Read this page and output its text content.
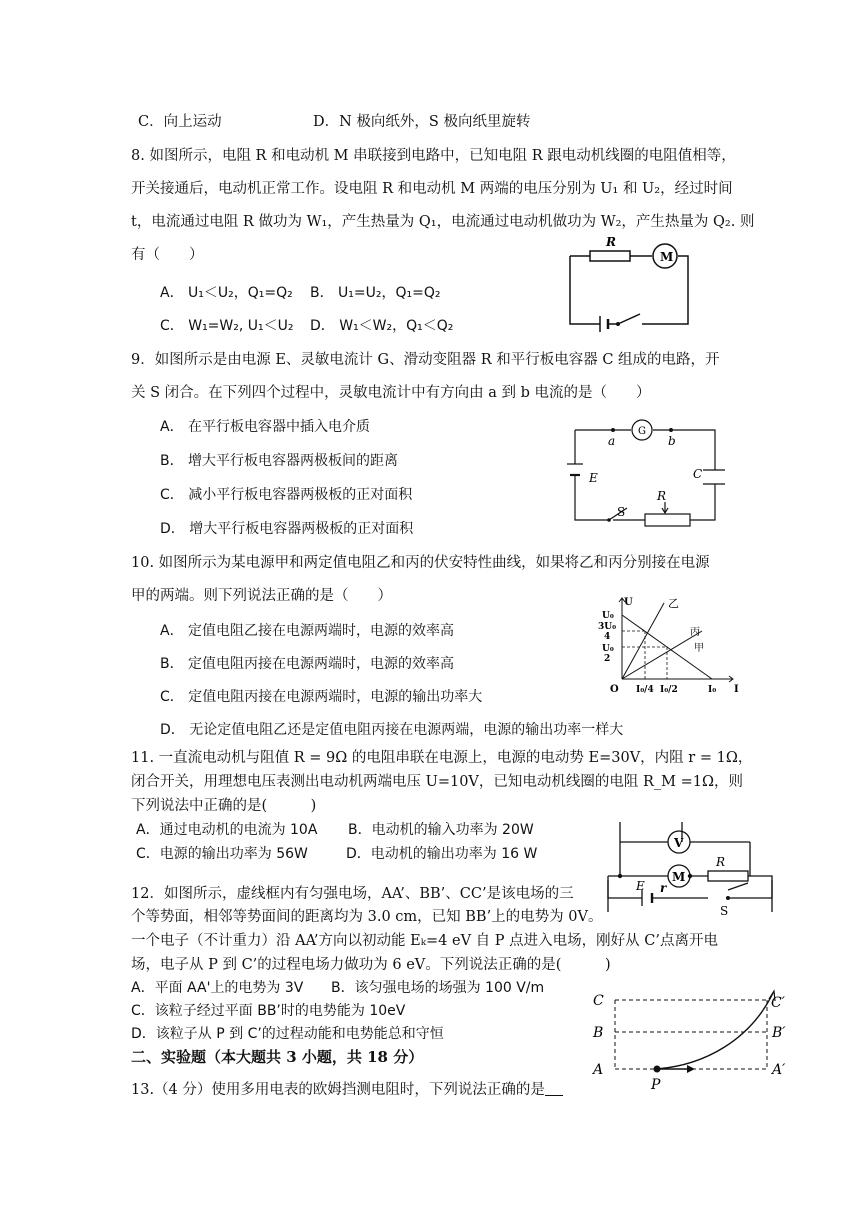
C．向上运动	D．N 极向纸外，S 极向纸里旋转
8. 如图所示，电阻 R 和电动机 M 串联接到电路中，已知电阻 R 跟电动机线圈的电阻值相等，
开关接通后，电动机正常工作。设电阻 R 和电动机 M 两端的电压分别为 U₁ 和 U₂，经过时间
t，电流通过电阻 R 做功为 W₁，产生热量为 Q₁，电流通过电动机做功为 W₂，产生热量为 Q₂. 则
有（　　）
A． U₁＜U₂，Q₁=Q₂ B． U₁=U₂，Q₁=Q₂
C． W₁=W₂, U₁＜U₂ D． W₁＜W₂，Q₁＜Q₂
R
M
9．如图所示是由电源 E、灵敏电流计 G、滑动变阻器 R 和平行板电容器 C 组成的电路，开
关 S 闭合。在下列四个过程中，灵敏电流计中有方向由 a 到 b 电流的是（　　）
A． 在平行板电容器中插入电介质
B． 增大平行板电容器两极板间的距离
C． 减小平行板电容器两极板的正对面积
D． 增大平行板电容器两极板的正对面积
G
a	b
E	C
S
R
10. 如图所示为某电源甲和两定值电阻乙和丙的伏安特性曲线，如果将乙和丙分别接在电源
甲的两端。则下列说法正确的是（　　）
A． 定值电阻乙接在电源两端时，电源的效率高
B． 定值电阻丙接在电源两端时，电源的效率高
C． 定值电阻丙接在电源两端时，电源的输出功率大
D． 无论定值电阻乙还是定值电阻丙接在电源两端，电源的输出功率一样大
U
I
O
U₀
3U₀
4
U₀
2
I₀/4 I₀/2	I₀
乙
丙
甲
11. 一直流电动机与阻值 R = 9Ω 的电阻串联在电源上，电源的电动势 E=30V，内阻 r = 1Ω，
闭合开关，用理想电压表测出电动机两端电压 U=10V，已知电动机线圈的电阻 R_M =1Ω，则
下列说法中正确的是(　　　)
A．通过电动机的电流为 10A B．电动机的输入功率为 20W
C．电源的输出功率为 56W	D．电动机的输出功率为 16 W
V
M
R
E r
S
12．如图所示，虚线框内有匀强电场，AA’、BB’、CC’是该电场的三
个等势面，相邻等势面间的距离均为 3.0 cm，已知 BB’上的电势为 0V。
一个电子（不计重力）沿 AA’方向以初动能 Eₖ=4 eV 自 P 点进入电场，刚好从 C’点离开电
场，电子从 P 到 C’的过程电场力做功为 6 eV。下列说法正确的是(　　　)
A．平面 AA'上的电势为 3V B．该匀强电场的场强为 100 V/m
C．该粒子经过平面 BB’时的电势能为 10eV
D．该粒子从 P 到 C’的过程动能和电势能总和守恒
C
B
A
C′
B′
A′
P
二、实验题（本大题共 3 小题，共 18 分）
13.（4 分）使用多用电表的欧姆挡测电阻时，下列说法正确的是
